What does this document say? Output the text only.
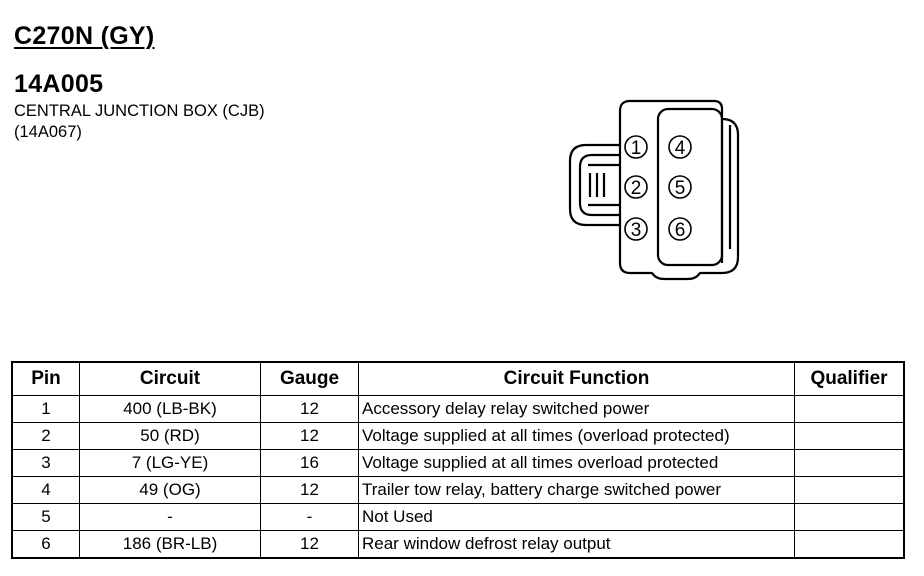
C270N (GY)
14A005
CENTRAL JUNCTION BOX (CJB)
(14A067)
1
2
3
4
5
6
Pin	Circuit	Gauge	Circuit Function	Qualifier
1	400 (LB-BK)	12	Accessory delay relay switched power	
2	50 (RD)	12	Voltage supplied at all times (overload protected)	
3	7 (LG-YE)	16	Voltage supplied at all times overload protected	
4	49 (OG)	12	Trailer tow relay, battery charge switched power	
5	-	-	Not Used	
6	186 (BR-LB)	12	Rear window defrost relay output	
